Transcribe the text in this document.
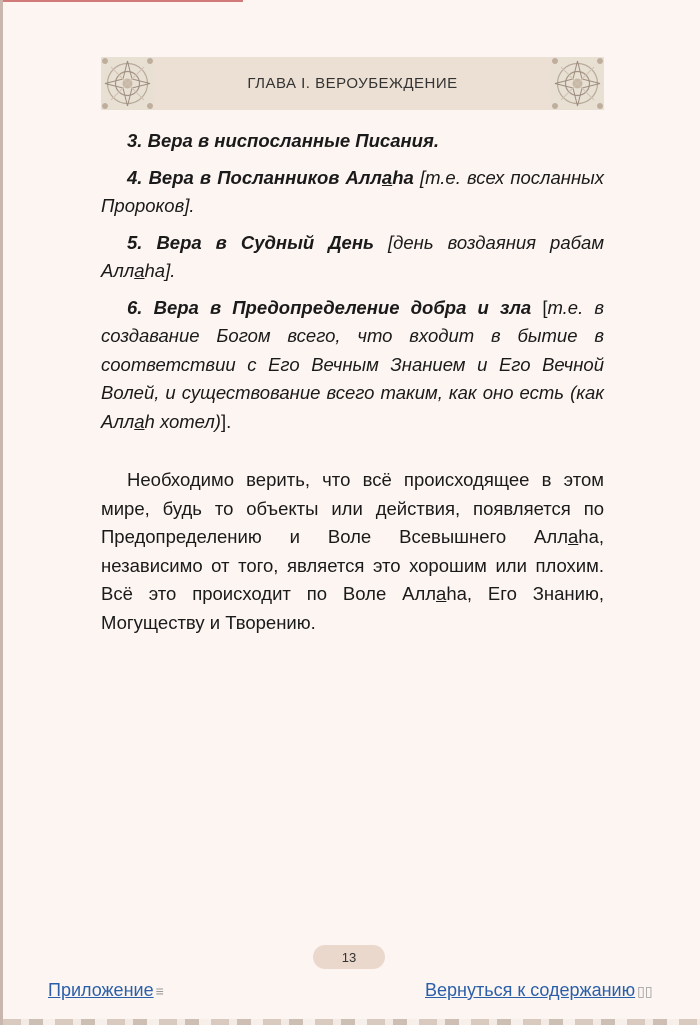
ГЛАВА I. ВЕРОУБЕЖДЕНИЕ

3. Вера в ниспосланные Писания.

4. Вера в Посланников Аллаhа [т.е. всех посланных Пророков].

5. Вера в Судный День [день воздаяния рабам Аллаhа].

6. Вера в Предопределение добра и зла [т.е. в создавание Богом всего, что входит в бытие в соответствии с Его Вечным Знанием и Его Вечной Волей, и существование всего таким, как оно есть (как Аллаh хотел)].

Необходимо верить, что всё происходящее в этом мире, будь то объекты или действия, появляется по Предопределению и Воле Всевышнего Аллаhа, независимо от того, является это хорошим или плохим. Всё это происходит по Воле Аллаhа, Его Знанию, Могуществу и Творению.

13
Приложение ≡	Вернуться к содержанию ▯▯
